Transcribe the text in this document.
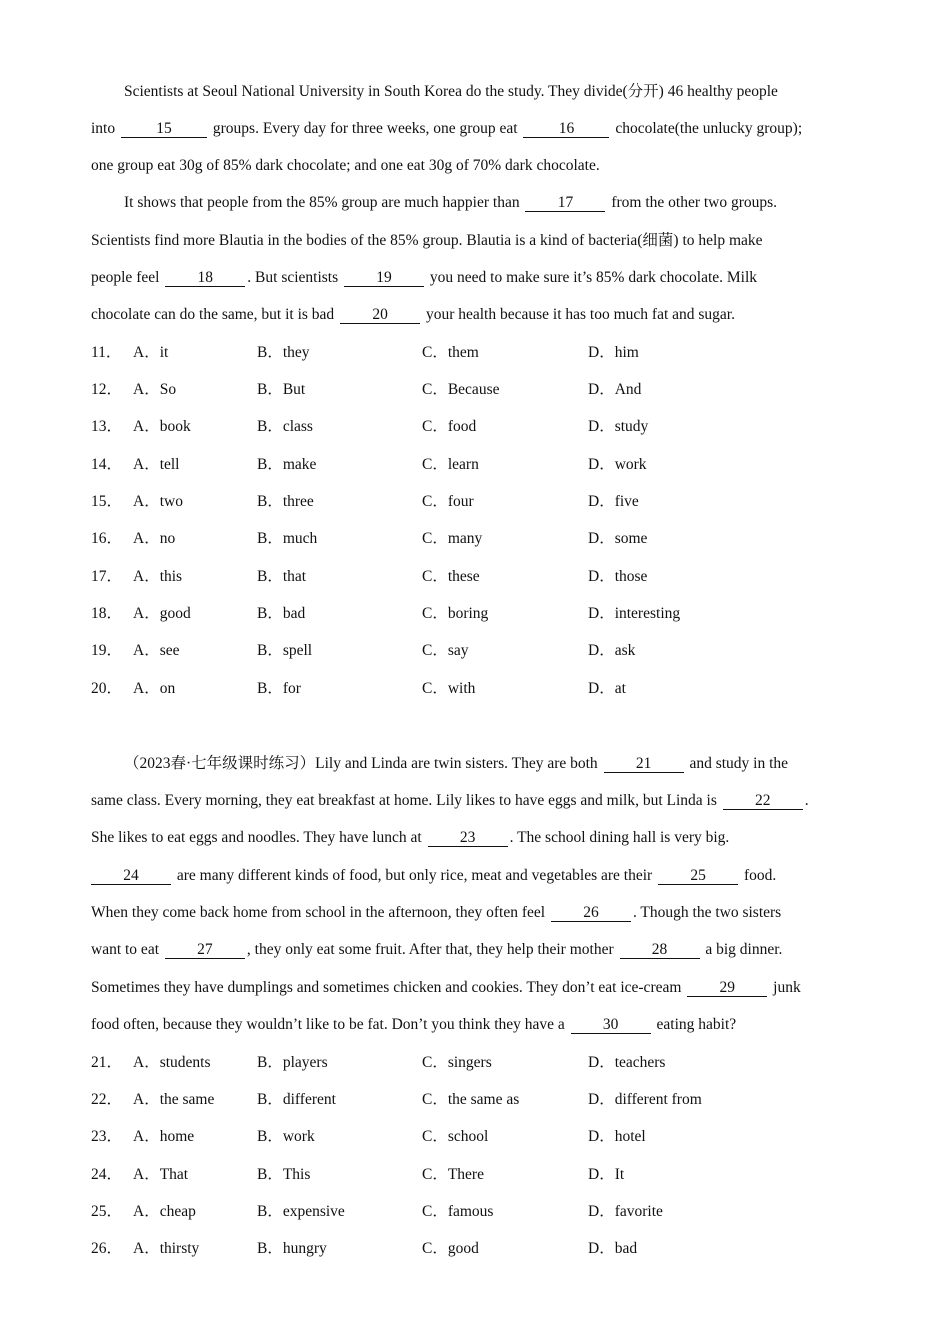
Scientists at Seoul National University in South Korea do the study. They divide(分开) 46 healthy people
into 15 groups. Every day for three weeks, one group eat 16 chocolate(the unlucky group);
one group eat 30g of 85% dark chocolate; and one eat 30g of 70% dark chocolate.
It shows that people from the 85% group are much happier than 17 from the other two groups.
Scientists find more Blautia in the bodies of the 85% group. Blautia is a kind of bacteria(细菌) to help make
people feel 18 . But scientists 19 you need to make sure it’s 85% dark chocolate. Milk
chocolate can do the same, but it is bad 20 your health because it has too much fat and sugar.
11． A．it	B．they	C．them	D．him
12． A．So	B．But	C．Because	D．And
13． A．book	B．class	C．food	D．study
14． A．tell	B．make	C．learn	D．work
15． A．two	B．three	C．four	D．five
16． A．no	B．much	C．many	D．some
17． A．this	B．that	C．these	D．those
18． A．good	B．bad	C．boring	D．interesting
19． A．see	B．spell	C．say	D．ask
20． A．on	B．for	C．with	D．at
（2023春·七年级课时练习）Lily and Linda are twin sisters. They are both 21 and study in the
same class. Every morning, they eat breakfast at home. Lily likes to have eggs and milk, but Linda is 22 .
She likes to eat eggs and noodles. They have lunch at 23 . The school dining hall is very big.
24 are many different kinds of food, but only rice, meat and vegetables are their 25 food.
When they come back home from school in the afternoon, they often feel 26 . Though the two sisters
want to eat 27 , they only eat some fruit. After that, they help their mother 28 a big dinner.
Sometimes they have dumplings and sometimes chicken and cookies. They don’t eat ice-cream 29 junk
food often, because they wouldn’t like to be fat. Don’t you think they have a 30 eating habit?
21． A．students	B．players	C．singers	D．teachers
22． A．the same	B．different	C．the same as	D．different from
23． A．home	B．work	C．school	D．hotel
24． A．That	B．This	C．There	D．It
25． A．cheap	B．expensive	C．famous	D．favorite
26． A．thirsty	B．hungry	C．good	D．bad
